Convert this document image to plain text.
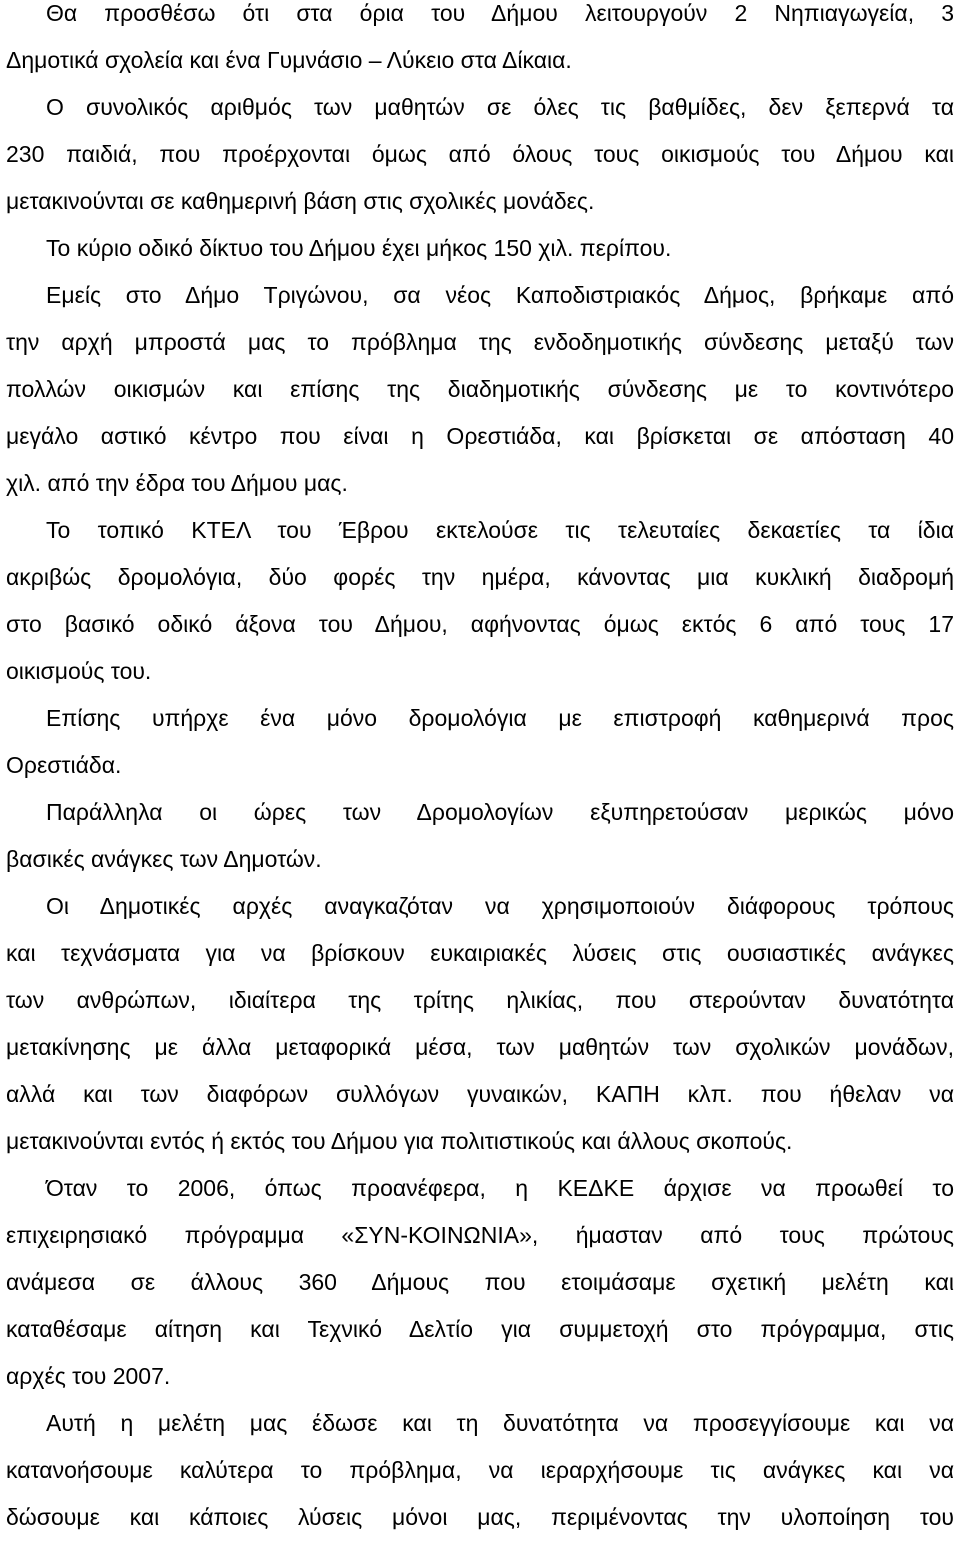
Θα προσθέσω ότι στα όρια του Δήμου λειτουργούν 2 Νηπιαγωγεία, 3
Δημοτικά σχολεία και ένα Γυμνάσιο – Λύκειο στα Δίκαια.
Ο συνολικός αριθμός των μαθητών σε όλες τις βαθμίδες, δεν ξεπερνά τα
230 παιδιά, που προέρχονται όμως από όλους τους οικισμούς του Δήμου και
μετακινούνται σε καθημερινή βάση στις σχολικές μονάδες.
Το κύριο οδικό δίκτυο του Δήμου έχει μήκος 150 χιλ. περίπου.
Εμείς στο Δήμο Τριγώνου, σα νέος Καποδιστριακός Δήμος, βρήκαμε από
την αρχή μπροστά μας το πρόβλημα της ενδοδημοτικής σύνδεσης μεταξύ των
πολλών οικισμών και επίσης της διαδημοτικής σύνδεσης με το κοντινότερο
μεγάλο αστικό κέντρο που είναι η Ορεστιάδα, και βρίσκεται σε απόσταση 40
χιλ. από την έδρα του Δήμου μας.
Το τοπικό ΚΤΕΛ του Έβρου εκτελούσε τις τελευταίες δεκαετίες τα ίδια
ακριβώς δρομολόγια, δύο φορές την ημέρα, κάνοντας μια κυκλική διαδρομή
στο βασικό οδικό άξονα του Δήμου, αφήνοντας όμως εκτός 6 από τους 17
οικισμούς του.
Επίσης υπήρχε ένα μόνο δρομολόγια με επιστροφή καθημερινά προς
Ορεστιάδα.
Παράλληλα οι ώρες των Δρομολογίων εξυπηρετούσαν μερικώς μόνο
βασικές ανάγκες των Δημοτών.
Οι Δημοτικές αρχές αναγκαζόταν να χρησιμοποιούν διάφορους τρόπους
και τεχνάσματα για να βρίσκουν ευκαιριακές λύσεις στις ουσιαστικές ανάγκες
των ανθρώπων, ιδιαίτερα της τρίτης ηλικίας, που στερούνταν δυνατότητα
μετακίνησης με άλλα μεταφορικά μέσα, των μαθητών των σχολικών μονάδων,
αλλά και των διαφόρων συλλόγων γυναικών, ΚΑΠΗ κλπ. που ήθελαν να
μετακινούνται εντός ή εκτός του Δήμου για πολιτιστικούς και άλλους σκοπούς.
Όταν το 2006, όπως προανέφερα, η ΚΕΔΚΕ άρχισε να προωθεί το
επιχειρησιακό πρόγραμμα «ΣΥΝ-ΚΟΙΝΩΝΙΑ», ήμασταν από τους πρώτους
ανάμεσα σε άλλους 360 Δήμους που ετοιμάσαμε σχετική μελέτη και
καταθέσαμε αίτηση και Τεχνικό Δελτίο για συμμετοχή στο πρόγραμμα, στις
αρχές του 2007.
Αυτή η μελέτη μας έδωσε και τη δυνατότητα να προσεγγίσουμε και να
κατανοήσουμε καλύτερα το πρόβλημα, να ιεραρχήσουμε τις ανάγκες και να
δώσουμε και κάποιες λύσεις μόνοι μας, περιμένοντας την υλοποίηση του
